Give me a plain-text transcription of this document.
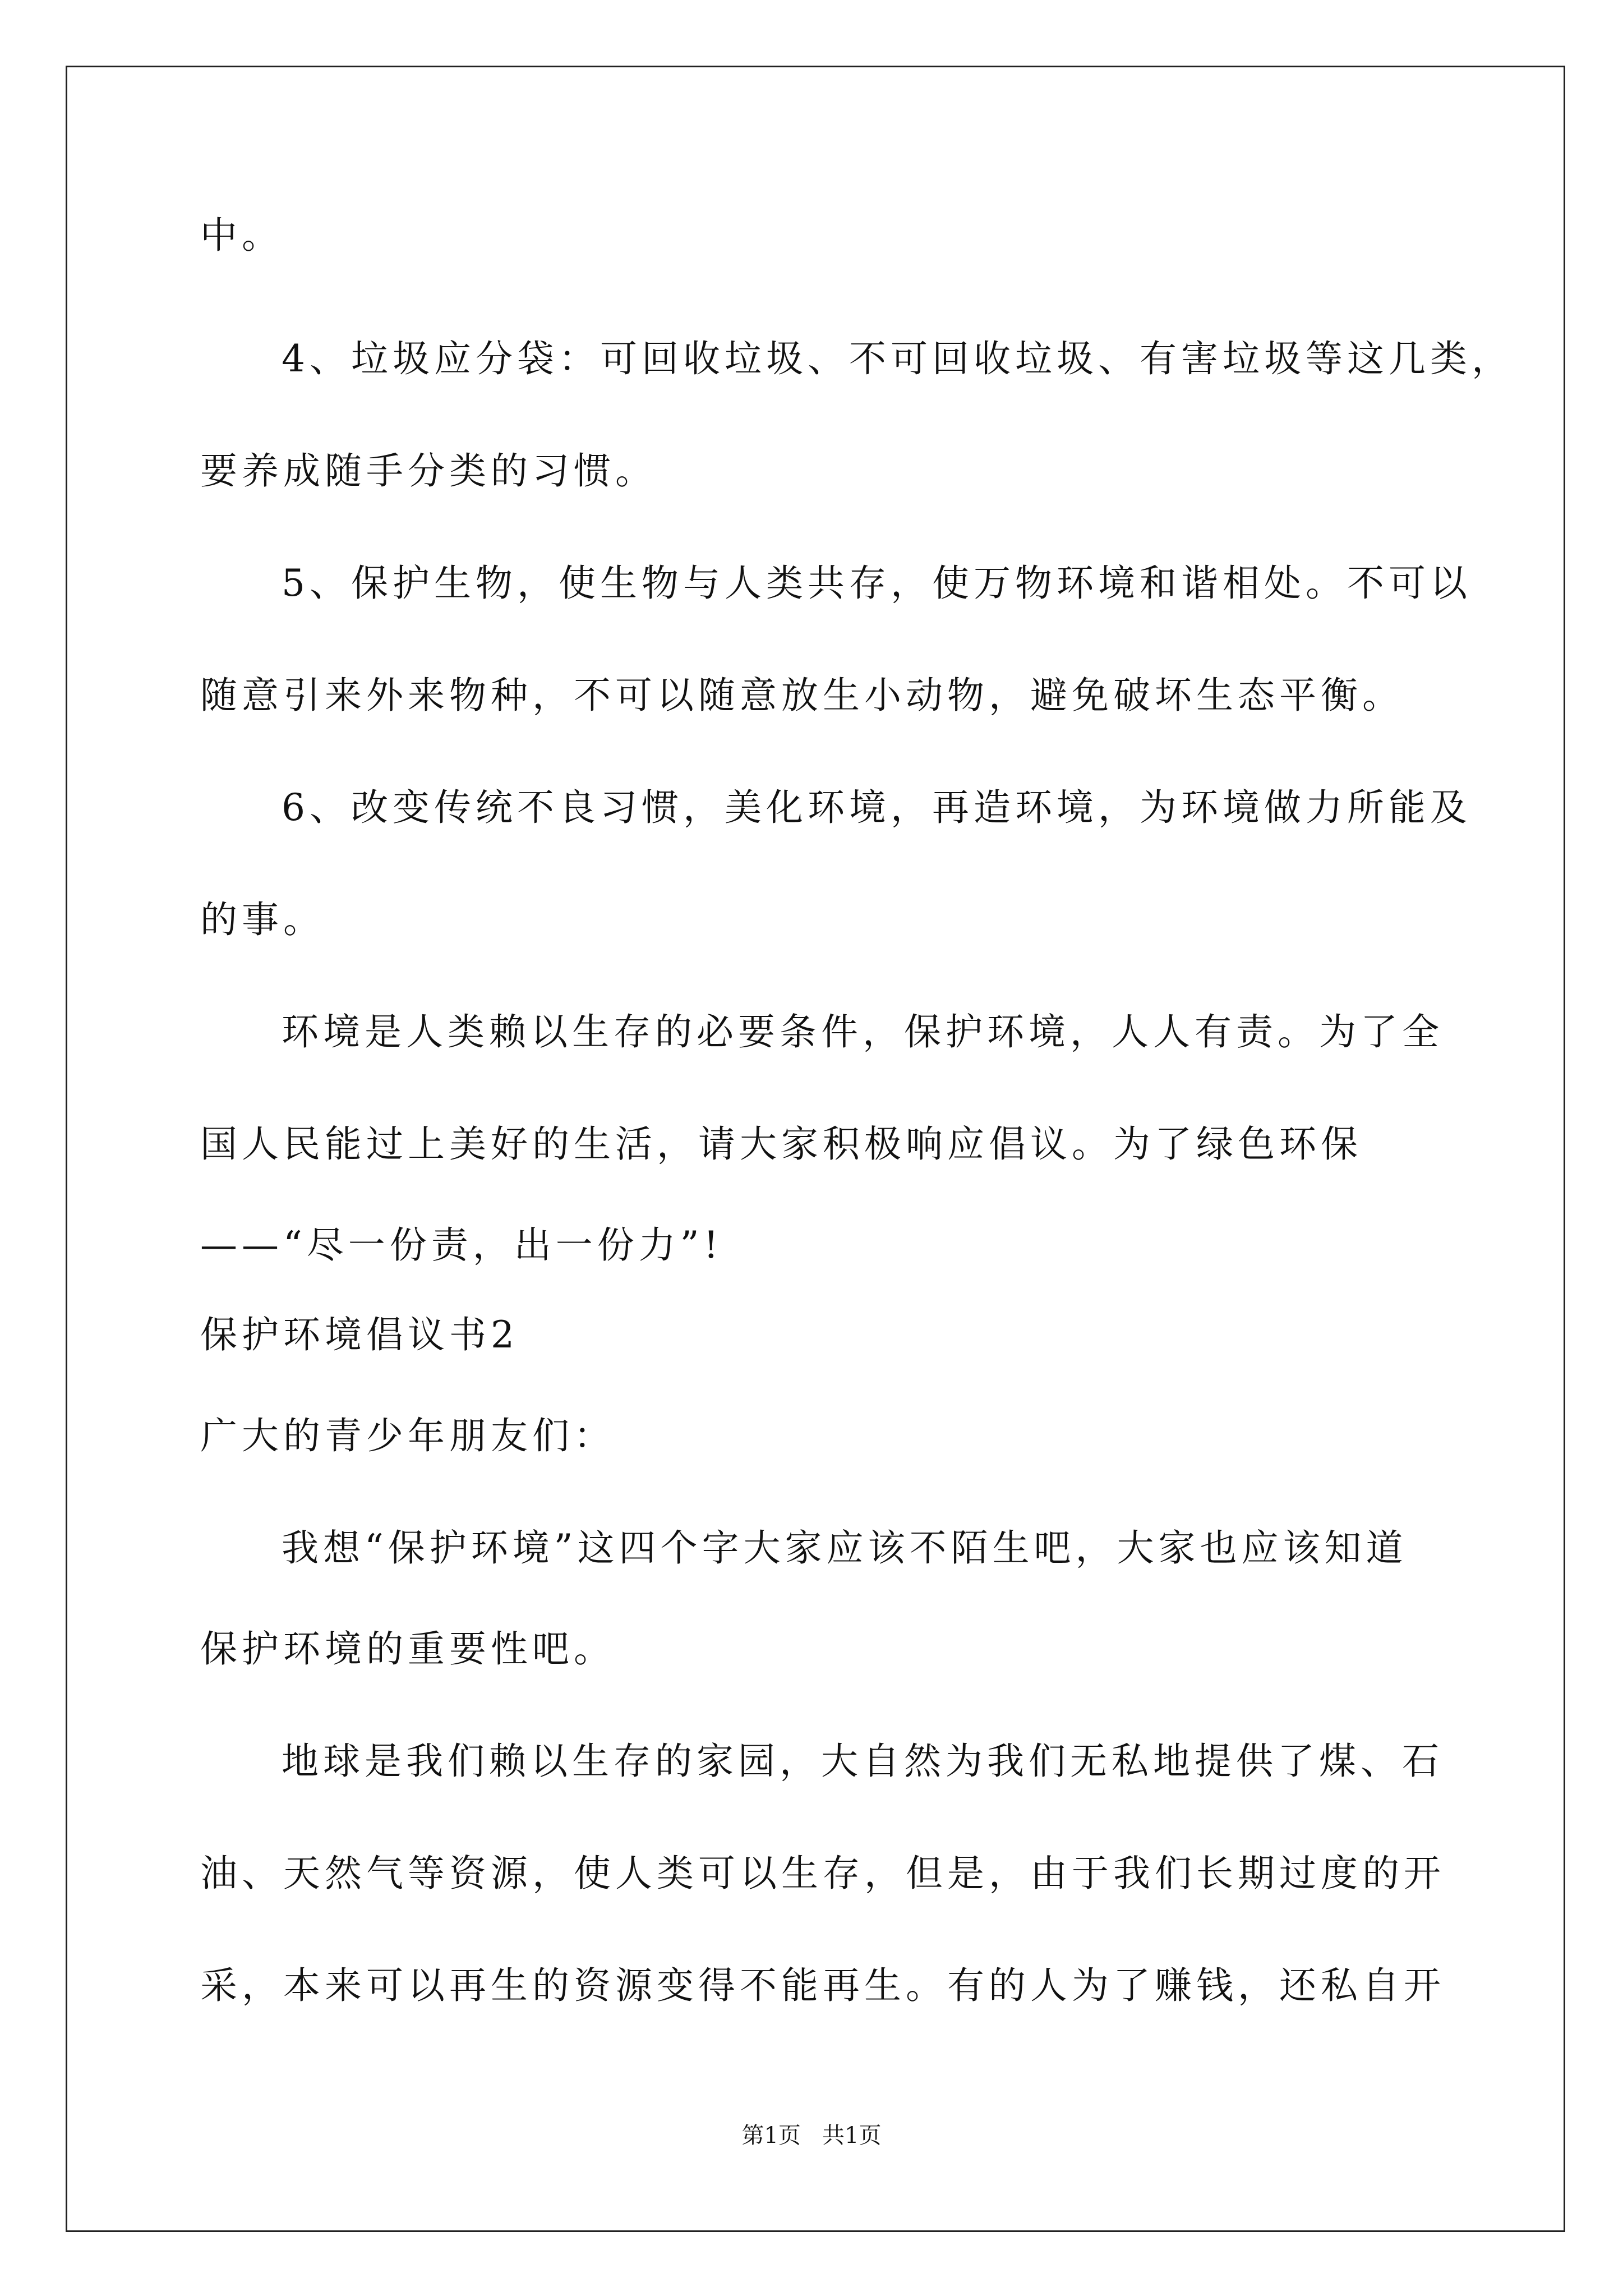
中。
4、垃圾应分袋：可回收垃圾、不可回收垃圾、有害垃圾等这几类，
要养成随手分类的习惯。
5、保护生物，使生物与人类共存，使万物环境和谐相处。不可以
随意引来外来物种，不可以随意放生小动物，避免破坏生态平衡。
6、改变传统不良习惯，美化环境，再造环境，为环境做力所能及
的事。
环境是人类赖以生存的必要条件，保护环境，人人有责。为了全
国人民能过上美好的生活，请大家积极响应倡议。为了绿色环保
——“尽一份责，出一份力”!
保护环境倡议书2
广大的青少年朋友们：
我想“保护环境”这四个字大家应该不陌生吧，大家也应该知道
保护环境的重要性吧。
地球是我们赖以生存的家园，大自然为我们无私地提供了煤、石
油、天然气等资源，使人类可以生存，但是，由于我们长期过度的开
采，本来可以再生的资源变得不能再生。有的人为了赚钱，还私自开
第1页   共1页
